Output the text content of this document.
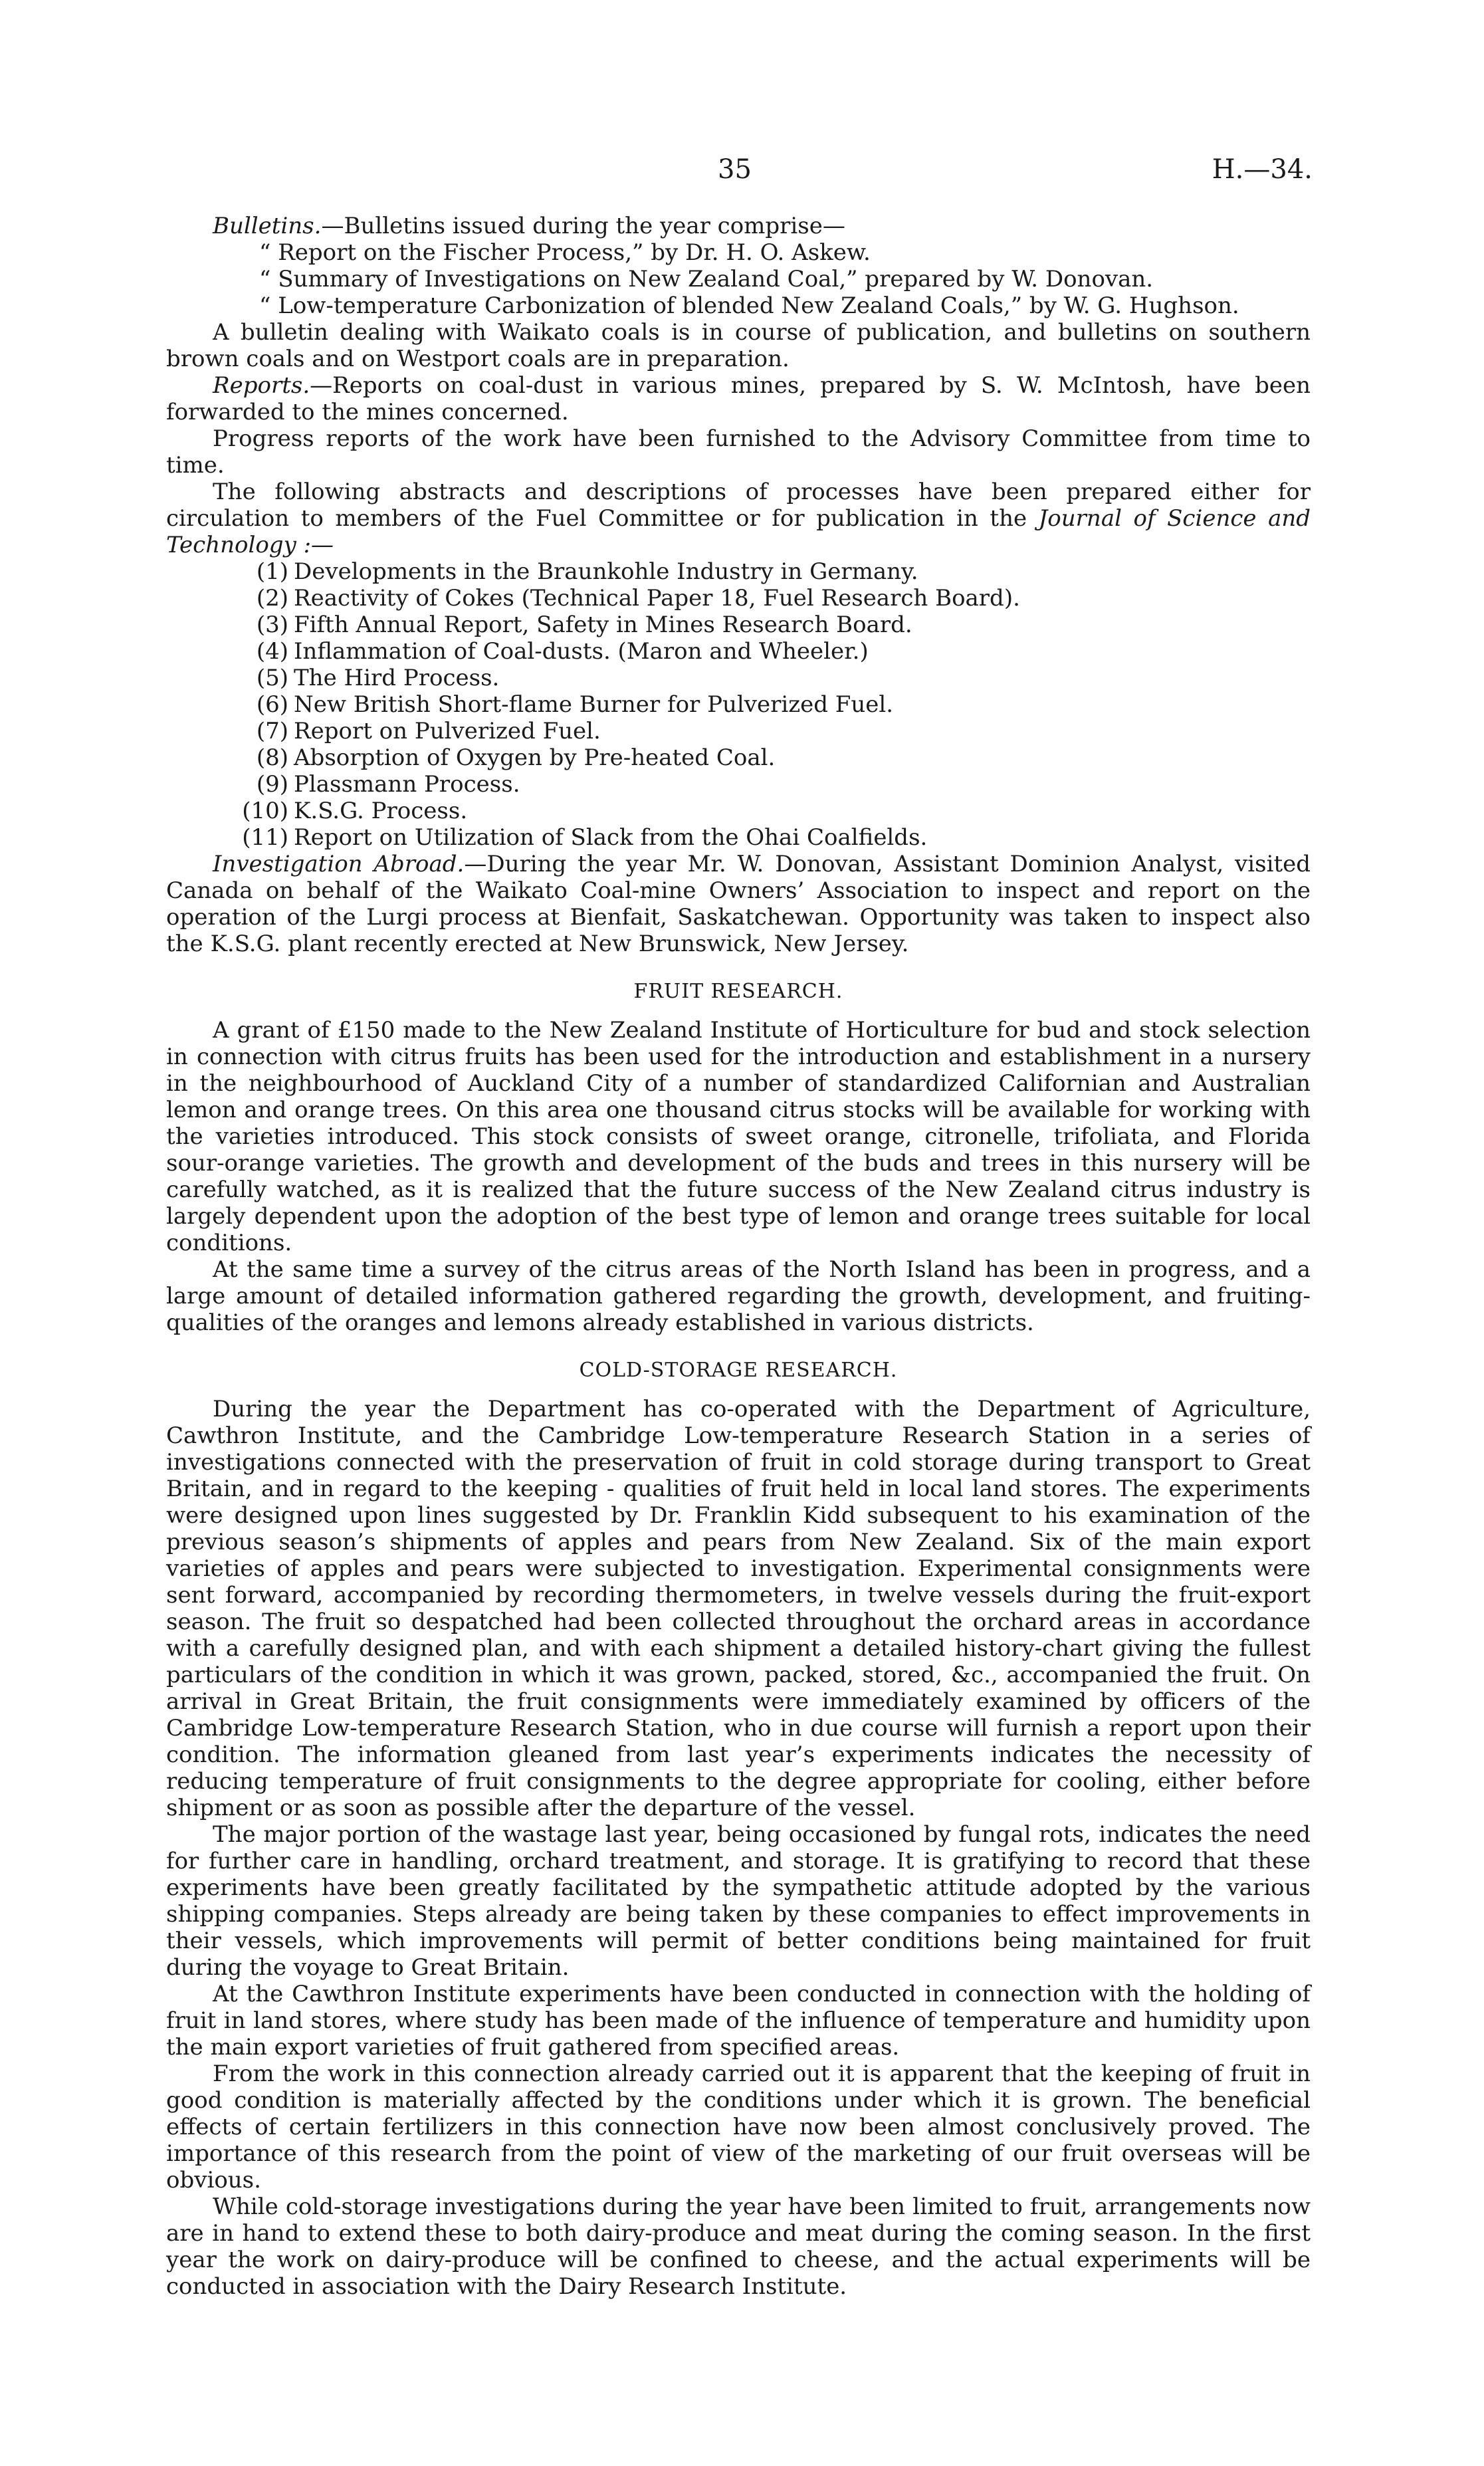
35	H.—34.

Bulletins.—Bulletins issued during the year comprise—

“ Report on the Fischer Process,” by Dr. H. O. Askew.

“ Summary of Investigations on New Zealand Coal,” prepared by W. Donovan.

“ Low-temperature Carbonization of blended New Zealand Coals,” by W. G. Hughson.

A bulletin dealing with Waikato coals is in course of publication, and bulletins on southern brown coals and on Westport coals are in preparation.

Reports.—Reports on coal-dust in various mines, prepared by S. W. McIntosh, have been forwarded to the mines concerned.

Progress reports of the work have been furnished to the Advisory Committee from time to time.

The following abstracts and descriptions of processes have been prepared either for circulation to members of the Fuel Committee or for publication in the Journal of Science and Technology :—

(1) Developments in the Braunkohle Industry in Germany.
(2) Reactivity of Cokes (Technical Paper 18, Fuel Research Board).
(3) Fifth Annual Report, Safety in Mines Research Board.
(4) Inflammation of Coal-dusts. (Maron and Wheeler.)
(5) The Hird Process.
(6) New British Short-flame Burner for Pulverized Fuel.
(7) Report on Pulverized Fuel.
(8) Absorption of Oxygen by Pre-heated Coal.
(9) Plassmann Process.
(10) K.S.G. Process.
(11) Report on Utilization of Slack from the Ohai Coalfields.

Investigation Abroad.—During the year Mr. W. Donovan, Assistant Dominion Analyst, visited Canada on behalf of the Waikato Coal-mine Owners’ Association to inspect and report on the operation of the Lurgi process at Bienfait, Saskatchewan. Opportunity was taken to inspect also the K.S.G. plant recently erected at New Brunswick, New Jersey.

FRUIT RESEARCH.

A grant of £150 made to the New Zealand Institute of Horticulture for bud and stock selection in connection with citrus fruits has been used for the introduction and establishment in a nursery in the neighbourhood of Auckland City of a number of standardized Californian and Australian lemon and orange trees. On this area one thousand citrus stocks will be available for working with the varieties introduced. This stock consists of sweet orange, citronelle, trifoliata, and Florida sour-orange varieties. The growth and development of the buds and trees in this nursery will be carefully watched, as it is realized that the future success of the New Zealand citrus industry is largely dependent upon the adoption of the best type of lemon and orange trees suitable for local conditions.

At the same time a survey of the citrus areas of the North Island has been in progress, and a large amount of detailed information gathered regarding the growth, development, and fruiting-qualities of the oranges and lemons already established in various districts.

COLD-STORAGE RESEARCH.

During the year the Department has co-operated with the Department of Agriculture, Cawthron Institute, and the Cambridge Low-temperature Research Station in a series of investigations connected with the preservation of fruit in cold storage during transport to Great Britain, and in regard to the keeping - qualities of fruit held in local land stores. The experiments were designed upon lines suggested by Dr. Franklin Kidd subsequent to his examination of the previous season’s shipments of apples and pears from New Zealand. Six of the main export varieties of apples and pears were subjected to investigation. Experimental consignments were sent forward, accompanied by recording thermometers, in twelve vessels during the fruit-export season. The fruit so despatched had been collected throughout the orchard areas in accordance with a carefully designed plan, and with each shipment a detailed history-chart giving the fullest particulars of the condition in which it was grown, packed, stored, &c., accompanied the fruit. On arrival in Great Britain, the fruit consignments were immediately examined by officers of the Cambridge Low-temperature Research Station, who in due course will furnish a report upon their condition. The information gleaned from last year’s experiments indicates the necessity of reducing temperature of fruit consignments to the degree appropriate for cooling, either before shipment or as soon as possible after the departure of the vessel.

The major portion of the wastage last year, being occasioned by fungal rots, indicates the need for further care in handling, orchard treatment, and storage. It is gratifying to record that these experiments have been greatly facilitated by the sympathetic attitude adopted by the various shipping companies. Steps already are being taken by these companies to effect improvements in their vessels, which improvements will permit of better conditions being maintained for fruit during the voyage to Great Britain.

At the Cawthron Institute experiments have been conducted in connection with the holding of fruit in land stores, where study has been made of the influence of temperature and humidity upon the main export varieties of fruit gathered from specified areas.

From the work in this connection already carried out it is apparent that the keeping of fruit in good condition is materially affected by the conditions under which it is grown. The beneficial effects of certain fertilizers in this connection have now been almost conclusively proved. The importance of this research from the point of view of the marketing of our fruit overseas will be obvious.

While cold-storage investigations during the year have been limited to fruit, arrangements now are in hand to extend these to both dairy-produce and meat during the coming season. In the first year the work on dairy-produce will be confined to cheese, and the actual experiments will be conducted in association with the Dairy Research Institute.
